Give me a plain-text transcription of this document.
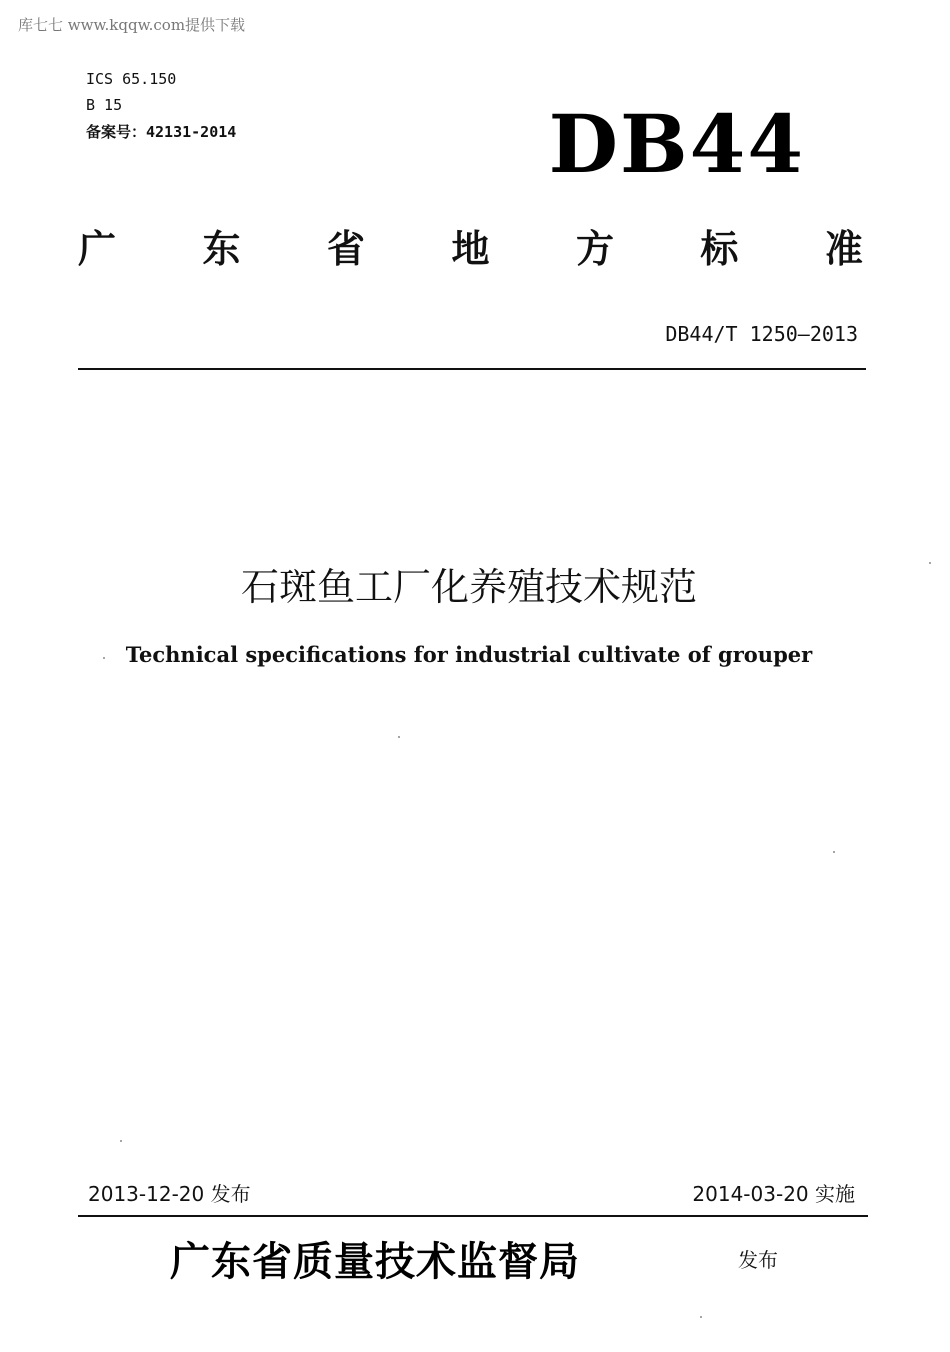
库七七 www.kqqw.com提供下载
ICS 65.150
B 15
备案号：42131-2014	DB44
广 东 省 地 方 标 准
DB44/T 1250—2013
石斑鱼工厂化养殖技术规范
Technical specifications for industrial cultivate of grouper
2013-12-20 发布	2014-03-20 实施
广东省质量技术监督局	发布
